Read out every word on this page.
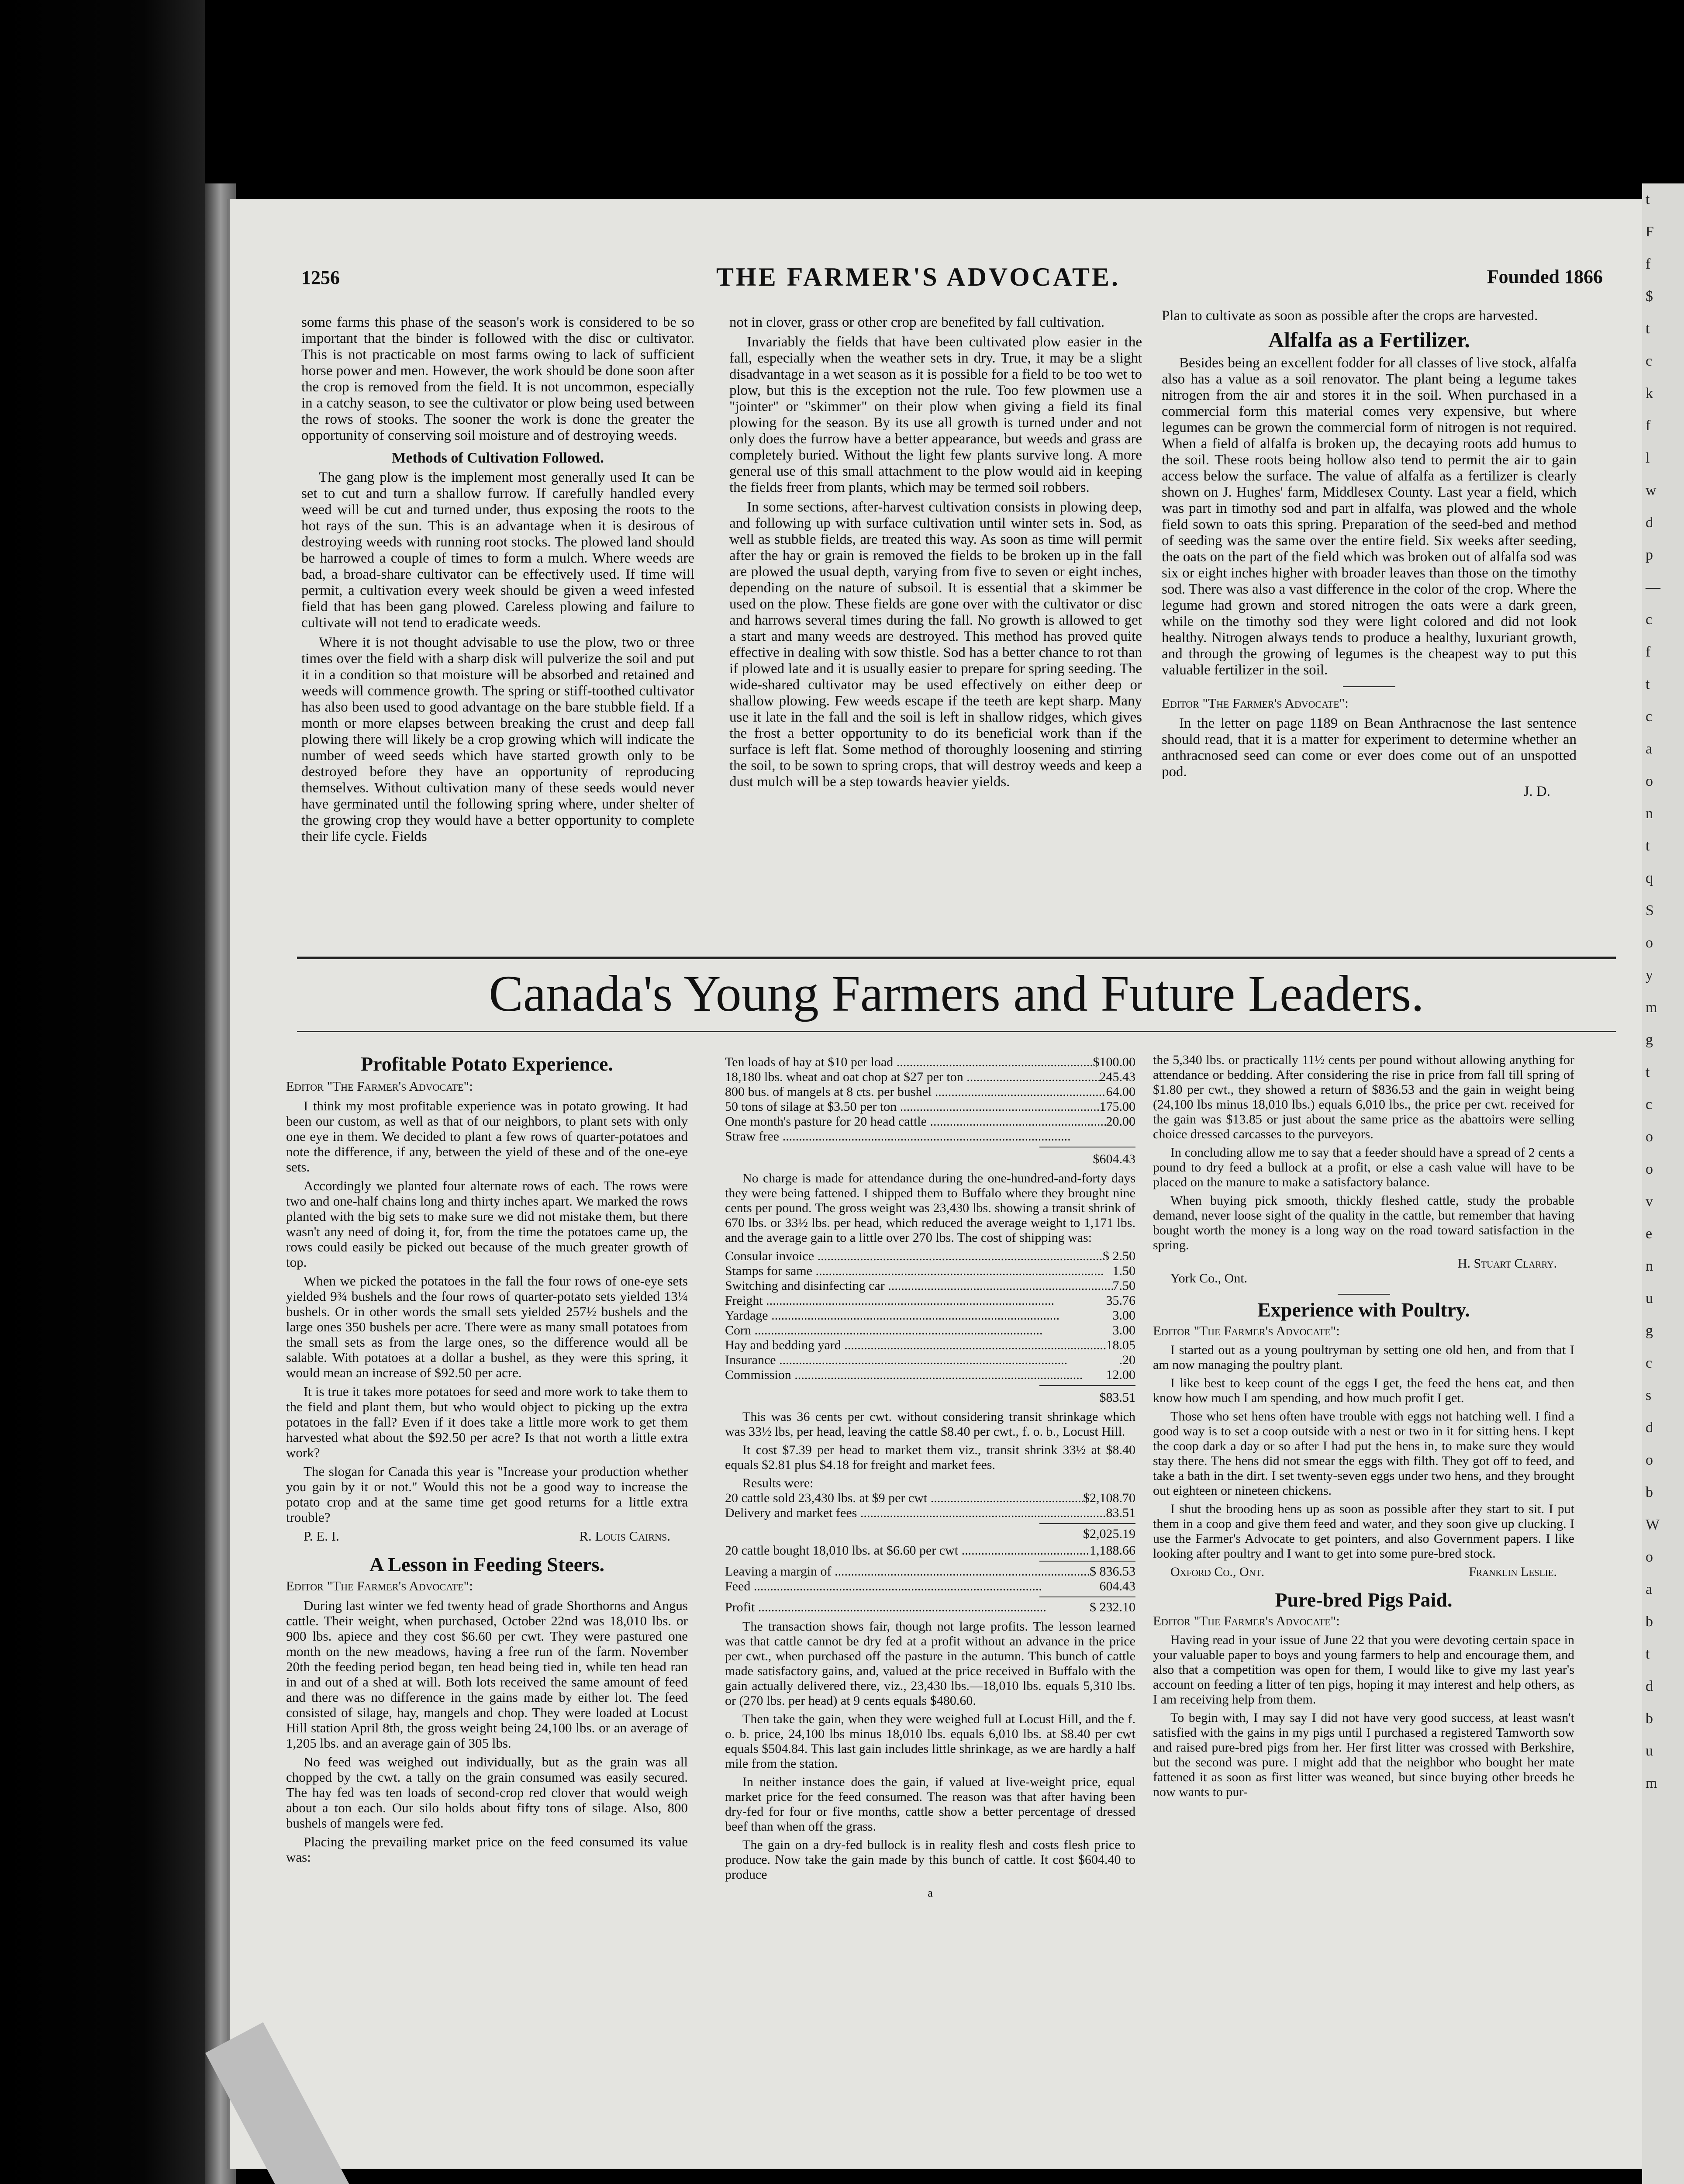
t
F
f
$
t
c
k
f
l
w
d
p
—
c
f
t
c
a
o
n
t
q
S
o
y
m
g
t
c
o
o
v
e
n
u
g
c
s
d
o
b
W
o
a
b
t
d
b
u
m
1256	THE FARMER'S ADVOCATE.	Founded 1866

some farms this phase of the season's work is considered to be so important that the binder is followed with the disc or cultivator. This is not practicable on most farms owing to lack of sufficient horse power and men. However, the work should be done soon after the crop is removed from the field. It is not uncommon, especially in a catchy season, to see the cultivator or plow being used between the rows of stooks. The sooner the work is done the greater the opportunity of conserving soil moisture and of destroying weeds.

Methods of Cultivation Followed.

The gang plow is the implement most generally used It can be set to cut and turn a shallow furrow. If carefully handled every weed will be cut and turned under, thus exposing the roots to the hot rays of the sun. This is an advantage when it is desirous of destroying weeds with running root stocks. The plowed land should be harrowed a couple of times to form a mulch. Where weeds are bad, a broad-share cultivator can be effectively used. If time will permit, a cultivation every week should be given a weed infested field that has been gang plowed. Careless plowing and failure to cultivate will not tend to eradicate weeds.

Where it is not thought advisable to use the plow, two or three times over the field with a sharp disk will pulverize the soil and put it in a condition so that moisture will be absorbed and retained and weeds will commence growth. The spring or stiff-toothed cultivator has also been used to good advantage on the bare stubble field. If a month or more elapses between breaking the crust and deep fall plowing there will likely be a crop growing which will indicate the number of weed seeds which have started growth only to be destroyed before they have an opportunity of reproducing themselves. Without cultivation many of these seeds would never have germinated until the following spring where, under shelter of the growing crop they would have a better opportunity to complete their life cycle. Fields

not in clover, grass or other crop are benefited by fall cultivation.

Invariably the fields that have been cultivated plow easier in the fall, especially when the weather sets in dry. True, it may be a slight disadvantage in a wet season as it is possible for a field to be too wet to plow, but this is the exception not the rule. Too few plowmen use a "jointer" or "skimmer" on their plow when giving a field its final plowing for the season. By its use all growth is turned under and not only does the furrow have a better appearance, but weeds and grass are completely buried. Without the light few plants survive long. A more general use of this small attachment to the plow would aid in keeping the fields freer from plants, which may be termed soil robbers.

In some sections, after-harvest cultivation consists in plowing deep, and following up with surface cultivation until winter sets in. Sod, as well as stubble fields, are treated this way. As soon as time will permit after the hay or grain is removed the fields to be broken up in the fall are plowed the usual depth, varying from five to seven or eight inches, depending on the nature of subsoil. It is essential that a skimmer be used on the plow. These fields are gone over with the cultivator or disc and harrows several times during the fall. No growth is allowed to get a start and many weeds are destroyed. This method has proved quite effective in dealing with sow thistle. Sod has a better chance to rot than if plowed late and it is usually easier to prepare for spring seeding. The wide-shared cultivator may be used effectively on either deep or shallow plowing. Few weeds escape if the teeth are kept sharp. Many use it late in the fall and the soil is left in shallow ridges, which gives the frost a better opportunity to do its beneficial work than if the surface is left flat. Some method of thoroughly loosening and stirring the soil, to be sown to spring crops, that will destroy weeds and keep a dust mulch will be a step towards heavier yields.

Plan to cultivate as soon as possible after the crops are harvested.

Alfalfa as a Fertilizer.

Besides being an excellent fodder for all classes of live stock, alfalfa also has a value as a soil renovator. The plant being a legume takes nitrogen from the air and stores it in the soil. When purchased in a commercial form this material comes very expensive, but where legumes can be grown the commercial form of nitrogen is not required. When a field of alfalfa is broken up, the decaying roots add humus to the soil. These roots being hollow also tend to permit the air to gain access below the surface. The value of alfalfa as a fertilizer is clearly shown on J. Hughes' farm, Middlesex County. Last year a field, which was part in timothy sod and part in alfalfa, was plowed and the whole field sown to oats this spring. Preparation of the seed-bed and method of seeding was the same over the entire field. Six weeks after seeding, the oats on the part of the field which was broken out of alfalfa sod was six or eight inches higher with broader leaves than those on the timothy sod. There was also a vast difference in the color of the crop. Where the legume had grown and stored nitrogen the oats were a dark green, while on the timothy sod they were light colored and did not look healthy. Nitrogen always tends to produce a healthy, luxuriant growth, and through the growing of legumes is the cheapest way to put this valuable fertilizer in the soil.

Editor "The Farmer's Advocate":

In the letter on page 1189 on Bean Anthracnose the last sentence should read, that it is a matter for experiment to determine whether an anthracnosed seed can come or ever does come out of an unspotted pod.

J. D.
Canada's Young Farmers and Future Leaders.
Profitable Potato Experience.
Editor "The Farmer's Advocate":

I think my most profitable experience was in potato growing. It had been our custom, as well as that of our neighbors, to plant sets with only one eye in them. We decided to plant a few rows of quarter-potatoes and note the difference, if any, between the yield of these and of the one-eye sets.

Accordingly we planted four alternate rows of each. The rows were two and one-half chains long and thirty inches apart. We marked the rows planted with the big sets to make sure we did not mistake them, but there wasn't any need of doing it, for, from the time the potatoes came up, the rows could easily be picked out because of the much greater growth of top.

When we picked the potatoes in the fall the four rows of one-eye sets yielded 9¾ bushels and the four rows of quarter-potato sets yielded 13¼ bushels. Or in other words the small sets yielded 257½ bushels and the large ones 350 bushels per acre. There were as many small potatoes from the small sets as from the large ones, so the difference would all be salable. With potatoes at a dollar a bushel, as they were this spring, it would mean an increase of $92.50 per acre.

It is true it takes more potatoes for seed and more work to take them to the field and plant them, but who would object to picking up the extra potatoes in the fall? Even if it does take a little more work to get them harvested what about the $92.50 per acre? Is that not worth a little extra work?

The slogan for Canada this year is "Increase your production whether you gain by it or not." Would this not be a good way to increase the potato crop and at the same time get good returns for a little extra trouble?

P. E. I.	R. Louis Cairns.
A Lesson in Feeding Steers.
Editor "The Farmer's Advocate":

During last winter we fed twenty head of grade Shorthorns and Angus cattle. Their weight, when purchased, October 22nd was 18,010 lbs. or 900 lbs. apiece and they cost $6.60 per cwt. They were pastured one month on the new meadows, having a free run of the farm. November 20th the feeding period began, ten head being tied in, while ten head ran in and out of a shed at will. Both lots received the same amount of feed and there was no difference in the gains made by either lot. The feed consisted of silage, hay, mangels and chop. They were loaded at Locust Hill station April 8th, the gross weight being 24,100 lbs. or an average of 1,205 lbs. and an average gain of 305 lbs.

No feed was weighed out individually, but as the grain was all chopped by the cwt. a tally on the grain consumed was easily secured. The hay fed was ten loads of second-crop red clover that would weigh about a ton each. Our silo holds about fifty tons of silage. Also, 800 bushels of mangels were fed.

Placing the prevailing market price on the feed consumed its value was:

Ten loads of hay at $10 per load .....	$100.00
18,180 lbs. wheat and oat chop at $27 per ton .....	245.43
800 bus. of mangels at 8 cts. per bushel .....	64.00
50 tons of silage at $3.50 per ton .....	175.00
One month's pasture for 20 head cattle .....	20.00
Straw free .....
$604.43

No charge is made for attendance during the one-hundred-and-forty days they were being fattened. I shipped them to Buffalo where they brought nine cents per pound. The gross weight was 23,430 lbs. showing a transit shrink of 670 lbs. or 33½ lbs. per head, which reduced the average weight to 1,171 lbs. and the average gain to a little over 270 lbs. The cost of shipping was:

Consular invoice .....	$ 2.50
Stamps for same .....	1.50
Switching and disinfecting car .....	7.50
Freight .....	35.76
Yardage .....	3.00
Corn .....	3.00
Hay and bedding yard .....	18.05
Insurance .....	.20
Commission .....	12.00
$83.51

This was 36 cents per cwt. without considering transit shrinkage which was 33½ lbs, per head, leaving the cattle $8.40 per cwt., f. o. b., Locust Hill.

It cost $7.39 per head to market them viz., transit shrink 33½ at $8.40 equals $2.81 plus $4.18 for freight and market fees.

Results were:
20 cattle sold 23,430 lbs. at $9 per cwt .....	$2,108.70
Delivery and market fees .....	83.51
$2,025.19
20 cattle bought 18,010 lbs. at $6.60 per cwt .....	1,188.66
Leaving a margin of .....	$ 836.53
Feed .....	604.43
Profit .....	$ 232.10

The transaction shows fair, though not large profits. The lesson learned was that cattle cannot be dry fed at a profit without an advance in the price per cwt., when purchased off the pasture in the autumn. This bunch of cattle made satisfactory gains, and, valued at the price received in Buffalo with the gain actually delivered there, viz., 23,430 lbs.—18,010 lbs. equals 5,310 lbs. or (270 lbs. per head) at 9 cents equals $480.60.

Then take the gain, when they were weighed full at Locust Hill, and the f. o. b. price, 24,100 lbs minus 18,010 lbs. equals 6,010 lbs. at $8.40 per cwt equals $504.84. This last gain includes little shrinkage, as we are hardly a half mile from the station.

In neither instance does the gain, if valued at live-weight price, equal market price for the feed consumed. The reason was that after having been dry-fed for four or five months, cattle show a better percentage of dressed beef than when off the grass.

The gain on a dry-fed bullock is in reality flesh and costs flesh price to produce. Now take the gain made by this bunch of cattle. It cost $604.40 to produce

a

the 5,340 lbs. or practically 11½ cents per pound without allowing anything for attendance or bedding. After considering the rise in price from fall till spring of $1.80 per cwt., they showed a return of $836.53 and the gain in weight being (24,100 lbs minus 18,010 lbs.) equals 6,010 lbs., the price per cwt. received for the gain was $13.85 or just about the same price as the abattoirs were selling choice dressed carcasses to the purveyors.

In concluding allow me to say that a feeder should have a spread of 2 cents a pound to dry feed a bullock at a profit, or else a cash value will have to be placed on the manure to make a satisfactory balance.

When buying pick smooth, thickly fleshed cattle, study the probable demand, never loose sight of the quality in the cattle, but remember that having bought worth the money is a long way on the road toward satisfaction in the spring.

H. Stuart Clarry.
York Co., Ont.
Experience with Poultry.
Editor "The Farmer's Advocate":

I started out as a young poultryman by setting one old hen, and from that I am now managing the poultry plant.

I like best to keep count of the eggs I get, the feed the hens eat, and then know how much I am spending, and how much profit I get.

Those who set hens often have trouble with eggs not hatching well. I find a good way is to set a coop outside with a nest or two in it for sitting hens. I kept the coop dark a day or so after I had put the hens in, to make sure they would stay there. The hens did not smear the eggs with filth. They got off to feed, and take a bath in the dirt. I set twenty-seven eggs under two hens, and they brought out eighteen or nineteen chickens.

I shut the brooding hens up as soon as possible after they start to sit. I put them in a coop and give them feed and water, and they soon give up clucking. I use the Farmer's Advocate to get pointers, and also Government papers. I like looking after poultry and I want to get into some pure-bred stock.

Oxford Co., Ont.	Franklin Leslie.
Pure-bred Pigs Paid.
Editor "The Farmer's Advocate":

Having read in your issue of June 22 that you were devoting certain space in your valuable paper to boys and young farmers to help and encourage them, and also that a competition was open for them, I would like to give my last year's account on feeding a litter of ten pigs, hoping it may interest and help others, as I am receiving help from them.

To begin with, I may say I did not have very good success, at least wasn't satisfied with the gains in my pigs until I purchased a registered Tamworth sow and raised pure-bred pigs from her. Her first litter was crossed with Berkshire, but the second was pure. I might add that the neighbor who bought her mate fattened it as soon as first litter was weaned, but since buying other breeds he now wants to pur-
